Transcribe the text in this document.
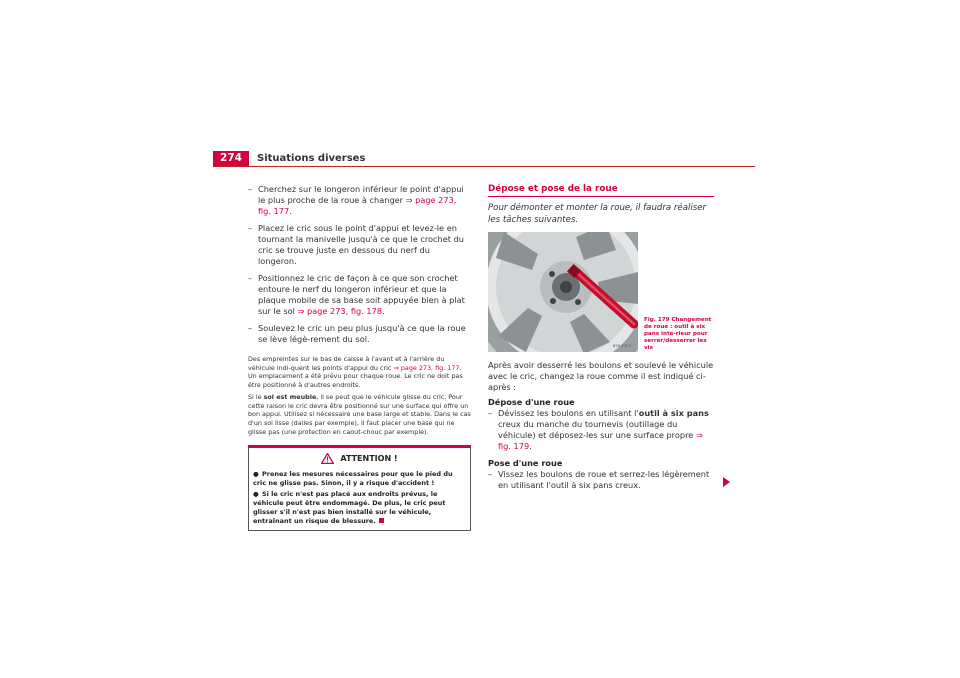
274	Situations diverses

– Cherchez sur le longeron inférieur le point d'appui le plus proche de la roue à changer ⇒ page 273, fig. 177.

– Placez le cric sous le point d'appui et levez-le en tournant la manivelle jusqu'à ce que le crochet du cric se trouve juste en dessous du nerf du longeron.

– Positionnez le cric de façon à ce que son crochet entoure le nerf du longeron inférieur et que la plaque mobile de sa base soit appuyée bien à plat sur le sol ⇒ page 273, fig. 178.

– Soulevez le cric un peu plus jusqu'à ce que la roue se lève légè-rement du sol.

Des empreintes sur le bas de caisse à l'avant et à l'arrière du véhicule indi-quent les points d'appui du cric ⇒ page 273, fig. 177. Un emplacement a été prévu pour chaque roue. Le cric ne doit pas être positionné à d'autres endroits.

Si le sol est meuble, il se peut que le véhicule glisse du cric. Pour cette raison le cric devra être positionné sur une surface qui offre un bon appui. Utilisez si nécessaire une base large et stable. Dans le cas d'un sol lisse (dalles par exemple), il faut placer une base qui ne glisse pas (une protection en caout-chouc par exemple).

ATTENTION !

● Prenez les mesures nécessaires pour que le pied du cric ne glisse pas. Sinon, il y a risque d'accident !

● Si le cric n'est pas placé aux endroits prévus, le véhicule peut être endommagé. De plus, le cric peut glisser s'il n'est pas bien installé sur le véhicule, entraînant un risque de blessure.

Dépose et pose de la roue
Pour démonter et monter la roue, il faudra réaliser les tâches suivantes.
B5P-0103
Fig. 179 Changement de roue : outil à six pans inté-rieur pour serrer/desserrer les vis

Après avoir desserré les boulons et soulevé le véhicule avec le cric, changez la roue comme il est indiqué ci-après :

Dépose d'une roue

– Dévissez les boulons en utilisant l'outil à six pans creux du manche du tournevis (outillage du véhicule) et déposez-les sur une surface propre ⇒ fig. 179.

Pose d'une roue

– Vissez les boulons de roue et serrez-les légèrement en utilisant l'outil à six pans creux.
